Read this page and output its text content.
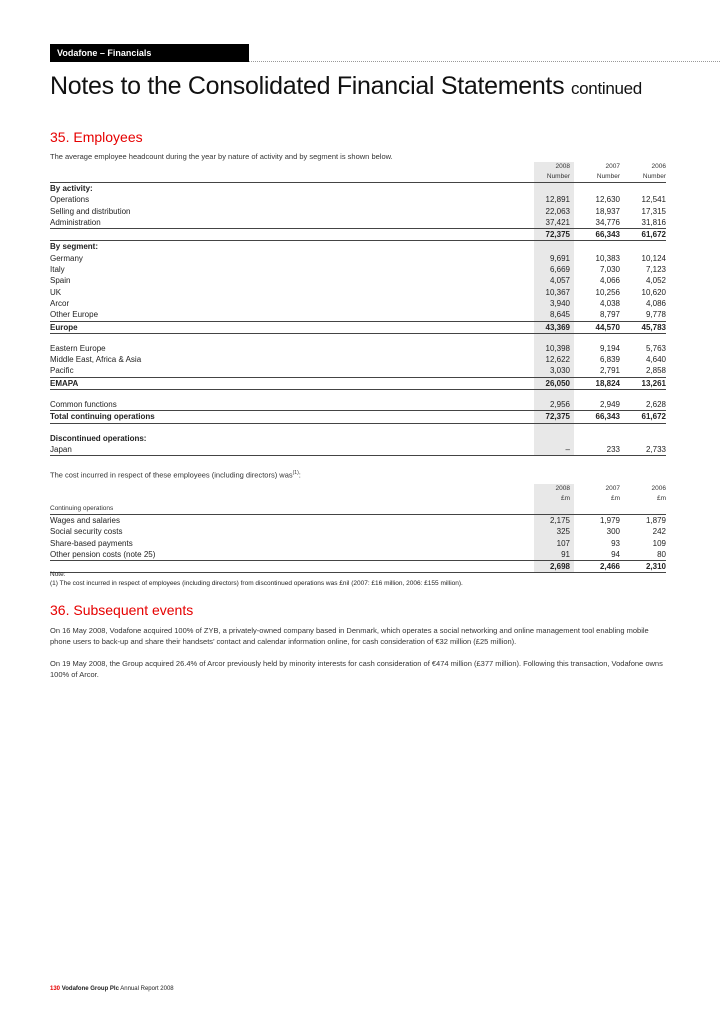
Vodafone – Financials
Notes to the Consolidated Financial Statements continued
35. Employees

The average employee headcount during the year by nature of activity and by segment is shown below.

2008	2007	2006
Number	Number	Number
By activity:
Operations	12,891	12,630	12,541
Selling and distribution	22,063	18,937	17,315
Administration	37,421	34,776	31,816
72,375	66,343	61,672
By segment:
Germany	9,691	10,383	10,124
Italy	6,669	7,030	7,123
Spain	4,057	4,066	4,052
UK	10,367	10,256	10,620
Arcor	3,940	4,038	4,086
Other Europe	8,645	8,797	9,778
Europe	43,369	44,570	45,783
Eastern Europe	10,398	9,194	5,763
Middle East, Africa & Asia	12,622	6,839	4,640
Pacific	3,030	2,791	2,858
EMAPA	26,050	18,824	13,261
Common functions	2,956	2,949	2,628
Total continuing operations	72,375	66,343	61,672
Discontinued operations:
Japan	–	233	2,733

The cost incurred in respect of these employees (including directors) was$^{(1)}$:

2008	2007	2006
£m	£m	£m
Continuing operations
Wages and salaries	2,175	1,979	1,879
Social security costs	325	300	242
Share-based payments	107	93	109
Other pension costs (note 25)	91	94	80
2,698	2,466	2,310

Note:

(1) The cost incurred in respect of employees (including directors) from discontinued operations was £nil (2007: £16 million, 2006: £155 million).

36. Subsequent events

On 16 May 2008, Vodafone acquired 100% of ZYB, a privately-owned company based in Denmark, which operates a social networking and online management tool enabling mobile phone users to back-up and share their handsets’ contact and calendar information online, for cash consideration of €32 million (£25 million).

On 19 May 2008, the Group acquired 26.4% of Arcor previously held by minority interests for cash consideration of €474 million (£377 million). Following this transaction, Vodafone owns 100% of Arcor.

130 Vodafone Group Plc Annual Report 2008
